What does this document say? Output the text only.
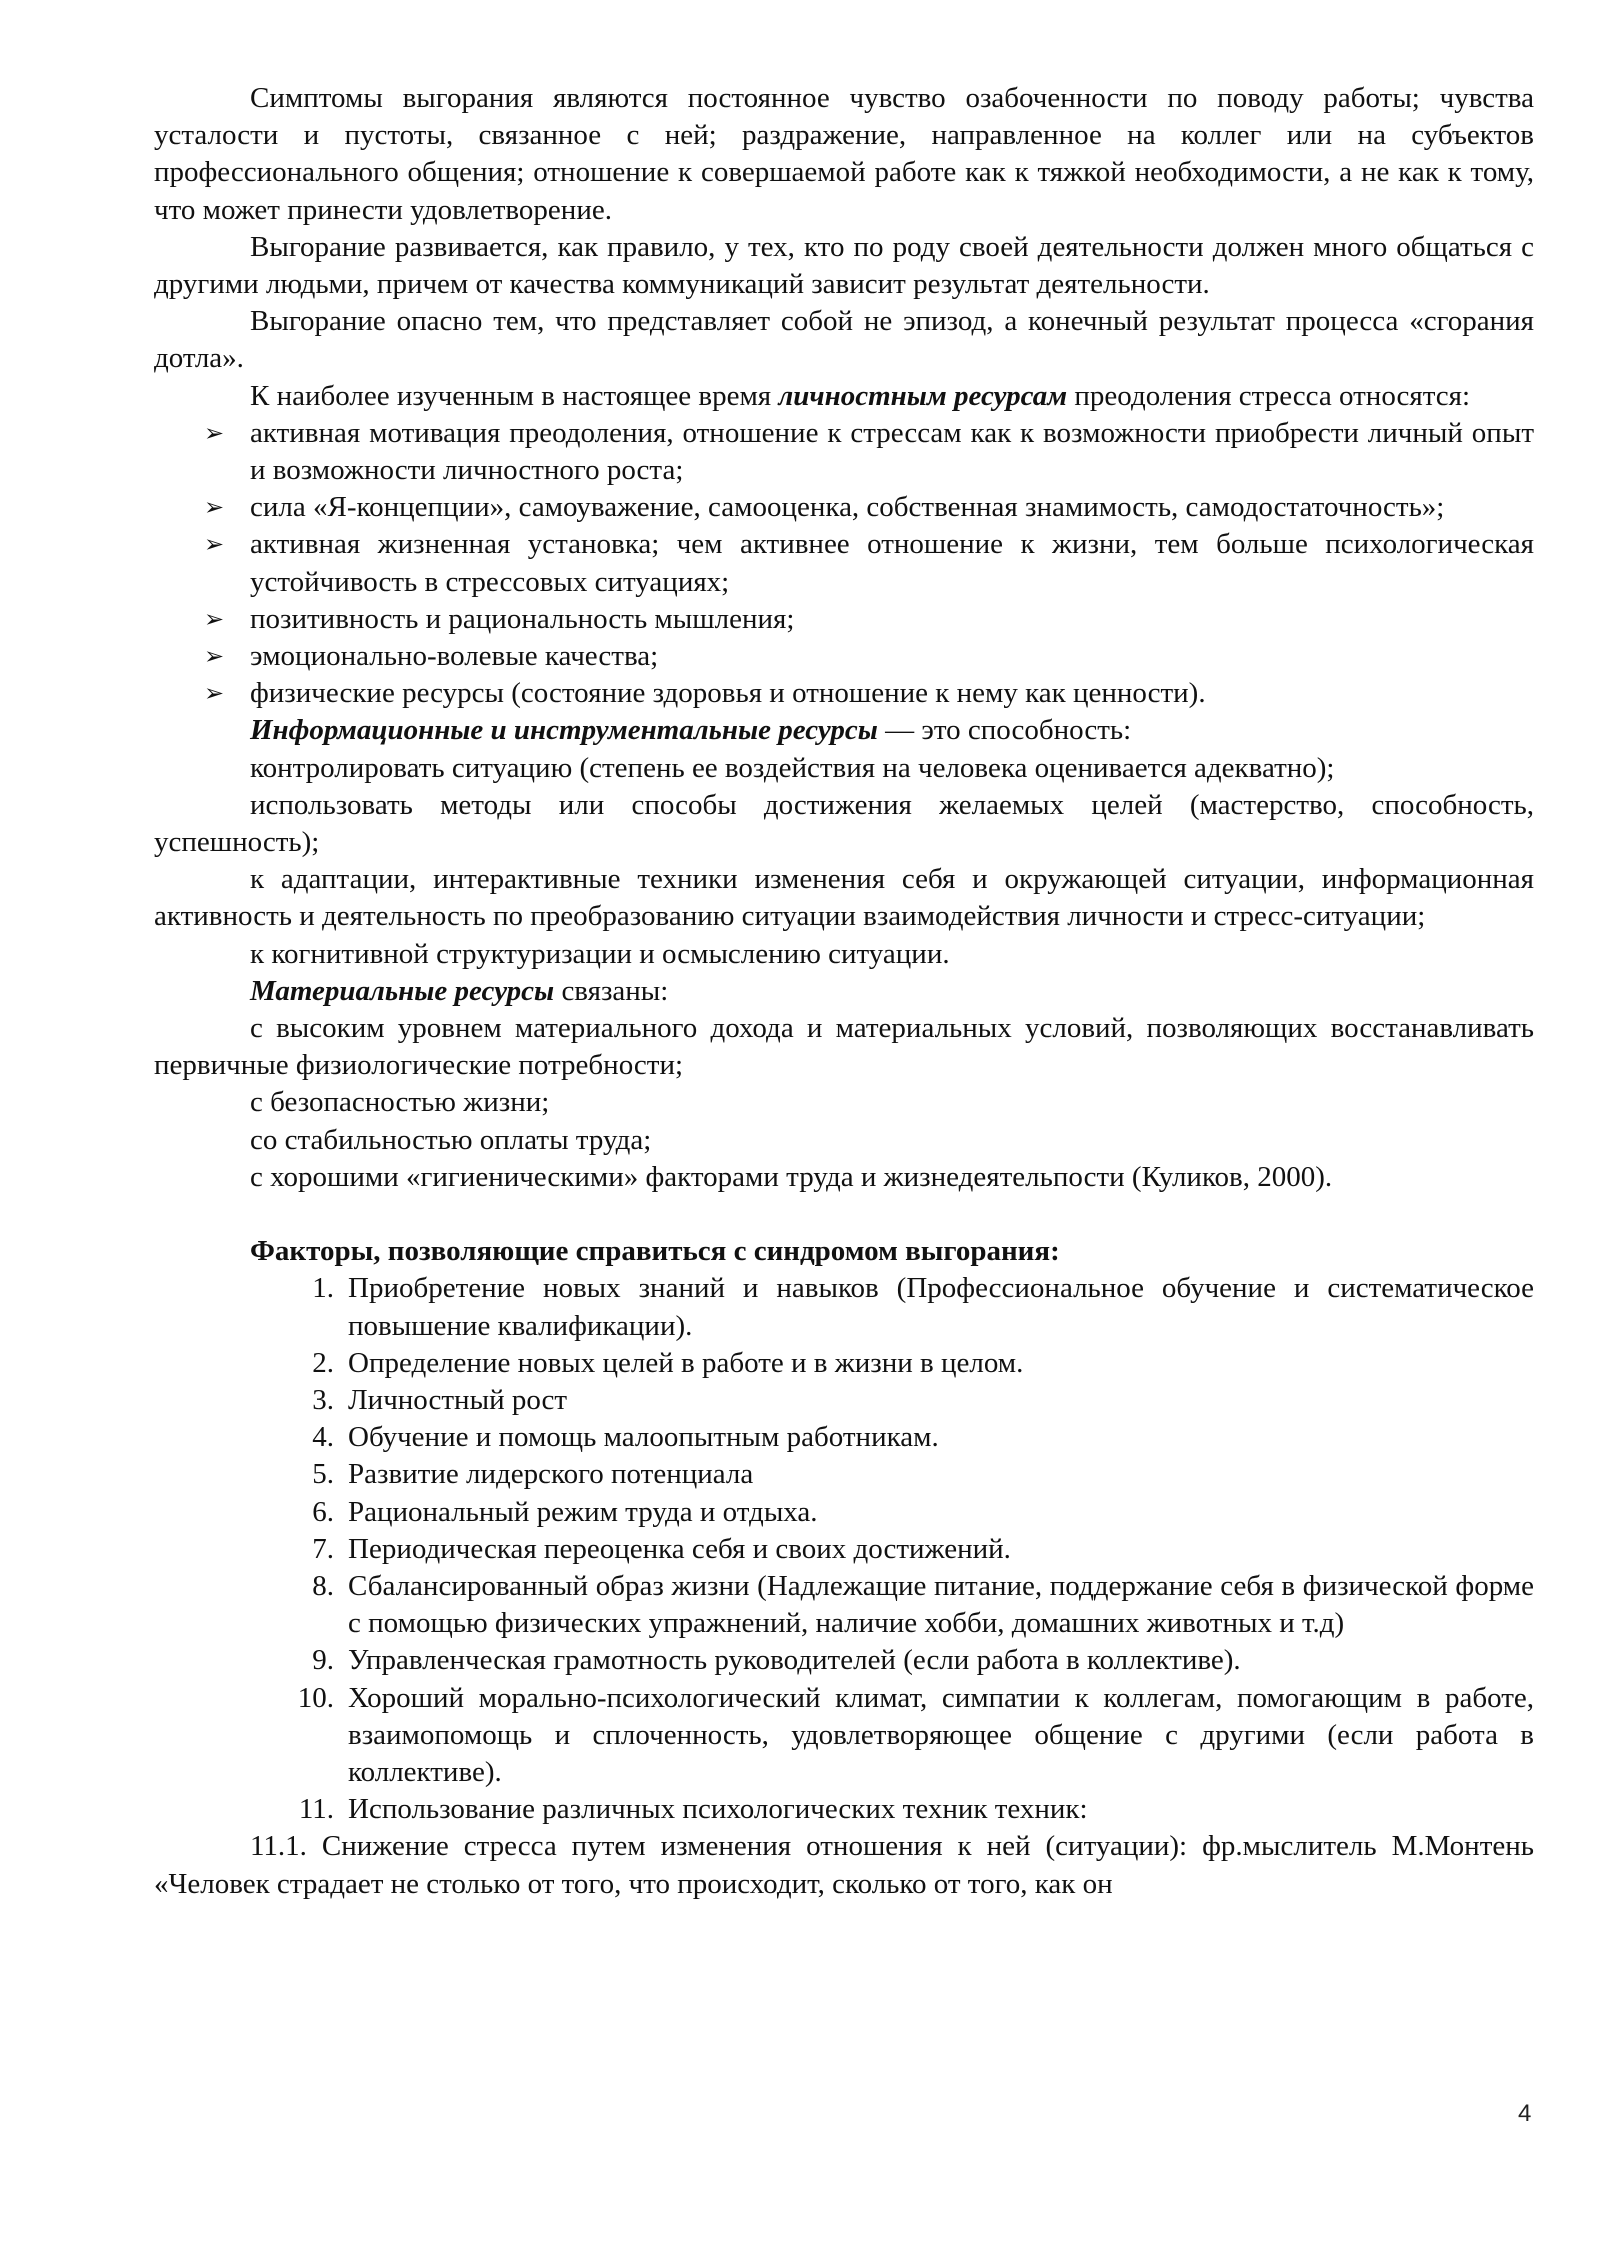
Симптомы выгорания являются постоянное чувство озабоченности по поводу работы; чувства усталости и пустоты, связанное с ней; раздражение, направленное на коллег или на субъектов профессионального общения; отношение к совершаемой работе как к тяжкой необходимости, а не как к тому, что может принести удовлетворение.

Выгорание развивается, как правило, у тех, кто по роду своей деятельности должен много общаться с другими людьми, причем от качества коммуникаций зависит результат деятельности.

Выгорание опасно тем, что представляет собой не эпизод, а конечный результат процесса «сгорания дотла».

К наиболее изученным в настоящее время личностным ресурсам преодоления стресса относятся:

➢ активная мотивация преодоления, отношение к стрессам как к возможности приобрести личный опыт и возможности личностного роста;
➢ сила «Я-концепции», самоуважение, самооценка, собственная знамимость, самодостаточность»;
➢ активная жизненная установка; чем активнее отношение к жизни, тем больше психологическая устойчивость в стрессовых ситуациях;
➢ позитивность и рациональность мышления;
➢ эмоционально-волевые качества;
➢ физические ресурсы (состояние здоровья и отношение к нему как ценности).

Информационные и инструментальные ресурсы — это способность:

контролировать ситуацию (степень ее воздействия на человека оценивается адекватно);

использовать методы или способы достижения желаемых целей (мастерство, способность, успешность);

к адаптации, интерактивные техники изменения себя и окружающей ситуации, информационная активность и деятельность по преобразованию ситуации взаимодействия личности и стресс-ситуации;

к когнитивной структуризации и осмыслению ситуации.

Материальные ресурсы связаны:

с высоким уровнем материального дохода и материальных условий, позволяющих восстанавливать первичные физиологические потребности;

с безопасностью жизни;

со стабильностью оплаты труда;

с хорошими «гигиеническими» факторами труда и жизнедеятельпости (Куликов, 2000).

Факторы, позволяющие справиться с синдромом выгорания:

1. Приобретение новых знаний и навыков (Профессиональное обучение и систематическое повышение квалификации).
2. Определение новых целей в работе и в жизни в целом.
3. Личностный рост
4. Обучение и помощь малоопытным работникам.
5. Развитие лидерского потенциала
6. Рациональный режим труда и отдыха.
7. Периодическая переоценка себя и своих достижений.
8. Сбалансированный образ жизни (Надлежащие питание, поддержание себя в физической форме с помощью физических упражнений, наличие хобби, домашних животных и т.д)
9. Управленческая грамотность руководителей (если работа в коллективе).
10. Хороший морально-психологический климат, симпатии к коллегам, помогающим в работе, взаимопомощь и сплоченность, удовлетворяющее общение с другими (если работа в коллективе).
11. Использование различных психологических техник техник:

11.1. Снижение стресса путем изменения отношения к ней (ситуации): фр.мыслитель М.Монтень «Человек страдает не столько от того, что происходит, сколько от того, как он

4
